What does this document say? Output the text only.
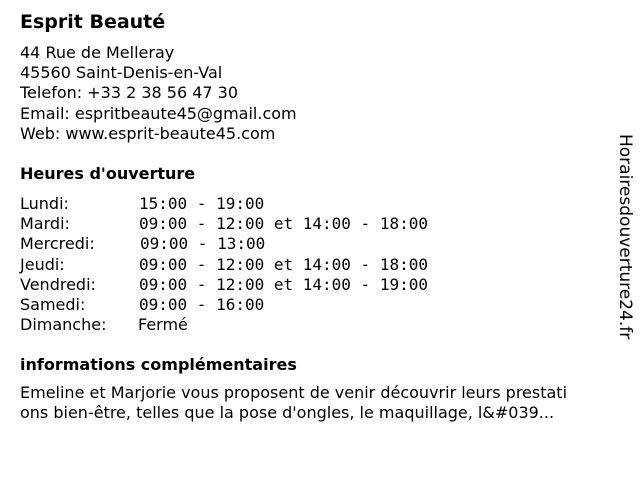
Esprit Beauté
44 Rue de Melleray
45560 Saint-Denis-en-Val
Telefon: +33 2 38 56 47 30
Email: espritbeaute45@gmail.com
Web: www.esprit-beaute45.com
Heures d'ouverture
Lundi:	15:00 - 19:00
Mardi:	09:00 - 12:00 et 14:00 - 18:00
Mercredi:	09:00 - 13:00
Jeudi:	09:00 - 12:00 et 14:00 - 18:00
Vendredi:	09:00 - 12:00 et 14:00 - 19:00
Samedi:	09:00 - 16:00
Dimanche: Fermé
informations complémentaires
Emeline et Marjorie vous proposent de venir découvrir leurs prestati
ons bien-être, telles que la pose d'ongles, le maquillage, l&#039...
Horairesdouverture24.fr
